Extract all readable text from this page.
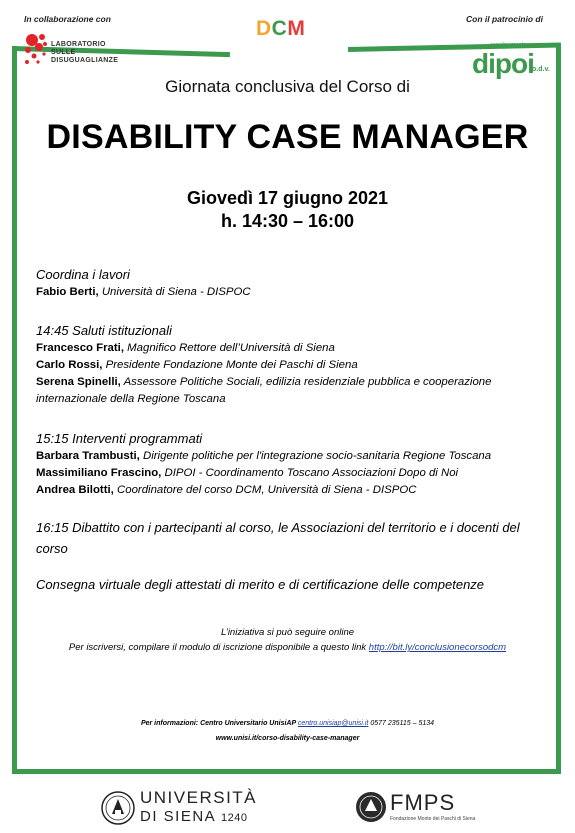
In collaborazione con	Con il patrocinio di
DCM
LABORATORIO
SULLE
DISUGUAGLIANZE
coordinamento
dipoi
o.d.v.
Giornata conclusiva del Corso di
DISABILITY CASE MANAGER
Giovedì 17 giugno 2021
h. 14:30 – 16:00
Coordina i lavori
Fabio Berti, Università di Siena - DISPOC
14:45 Saluti istituzionali
Francesco Frati, Magnifico Rettore dell’Università di Siena
Carlo Rossi, Presidente Fondazione Monte dei Paschi di Siena
Serena Spinelli, Assessore Politiche Sociali, edilizia residenziale pubblica e cooperazione internazionale della Regione Toscana
15:15 Interventi programmati
Barbara Trambusti, Dirigente politiche per l'integrazione socio-sanitaria Regione Toscana
Massimiliano Frascino, DIPOI - Coordinamento Toscano Associazioni Dopo di Noi
Andrea Bilotti, Coordinatore del corso DCM, Università di Siena - DISPOC
16:15 Dibattito con i partecipanti al corso, le Associazioni del territorio e i docenti del corso
Consegna virtuale degli attestati di merito e di certificazione delle competenze
L’iniziativa si può seguire online
Per iscriversi, compilare il modulo di iscrizione disponibile a questo link http://bit.ly/conclusionecorsodcm
Per informazioni: Centro Universitario UnisiAP centro.unisiap@unisi.it 0577 235115 – 5134
www.unisi.it/corso-disability-case-manager
UNIVERSITÀ
DI SIENA 1240
FMPS
Fondazione Monte dei Paschi di Siena
